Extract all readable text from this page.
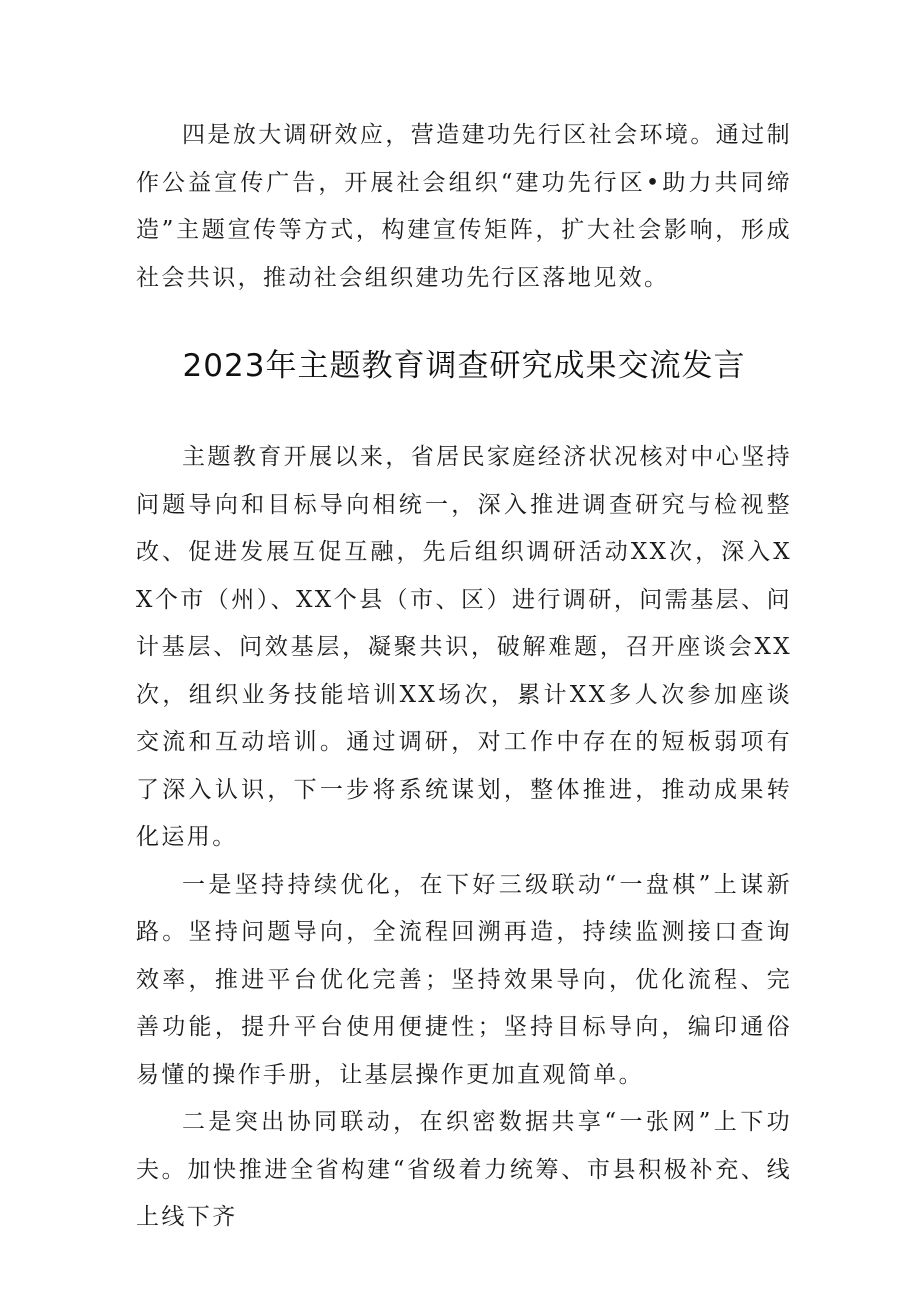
四是放大调研效应，营造建功先行区社会环境。通过制作公益宣传广告，开展社会组织“建功先行区•助力共同缔造”主题宣传等方式，构建宣传矩阵，扩大社会影响，形成社会共识，推动社会组织建功先行区落地见效。

2023年主题教育调查研究成果交流发言

主题教育开展以来，省居民家庭经济状况核对中心坚持问题导向和目标导向相统一，深入推进调查研究与检视整改、促进发展互促互融，先后组织调研活动XX次，深入XX个市（州）、XX个县（市、区）进行调研，问需基层、问计基层、问效基层，凝聚共识，破解难题，召开座谈会XX次，组织业务技能培训XX场次，累计XX多人次参加座谈交流和互动培训。通过调研，对工作中存在的短板弱项有了深入认识，下一步将系统谋划，整体推进，推动成果转化运用。

一是坚持持续优化，在下好三级联动“一盘棋”上谋新路。坚持问题导向，全流程回溯再造，持续监测接口查询效率，推进平台优化完善；坚持效果导向，优化流程、完善功能，提升平台使用便捷性；坚持目标导向，编印通俗易懂的操作手册，让基层操作更加直观简单。

二是突出协同联动，在织密数据共享“一张网”上下功夫。加快推进全省构建“省级着力统筹、市县积极补充、线上线下齐
